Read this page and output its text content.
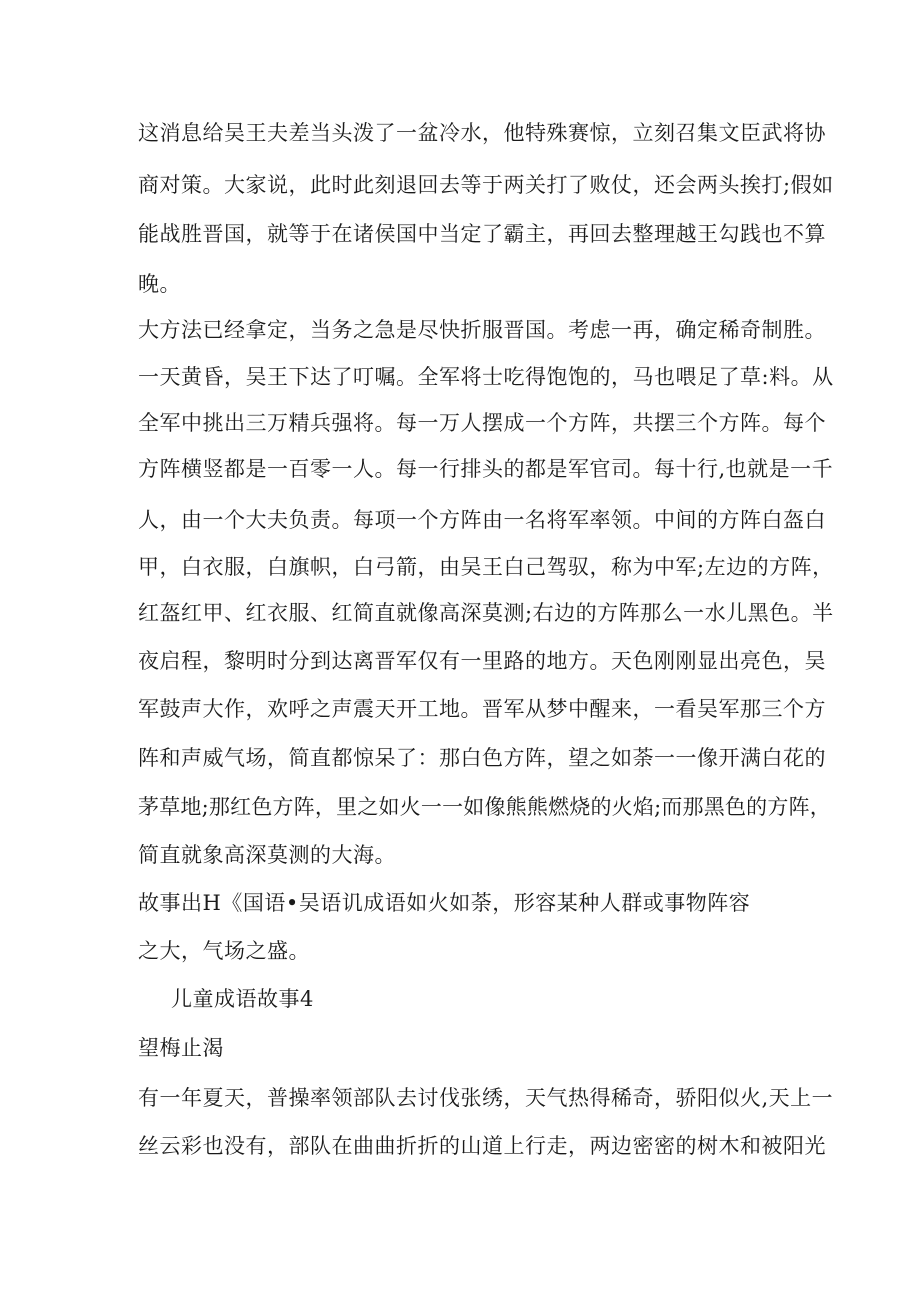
这消息给吴王夫差当头泼了一盆冷水，他特殊赛惊，立刻召集文臣武将协
商对策。大家说，此时此刻退回去等于两关打了败仗，还会两头挨打;假如
能战胜晋国，就等于在诸侯国中当定了霸主，再回去整理越王勾践也不算
晚。
大方法已经拿定，当务之急是尽快折服晋国。考虑一再，确定稀奇制胜。
一天黄昏，吴王下达了叮嘱。全军将士吃得饱饱的，马也喂足了草:料。从
全军中挑出三万精兵强将。每一万人摆成一个方阵，共摆三个方阵。每个
方阵横竖都是一百零一人。每一行排头的都是军官司。每十行,也就是一千
人，由一个大夫负责。每项一个方阵由一名将军率领。中间的方阵白盔白
甲，白衣服，白旗帜，白弓箭，由吴王白己驾驭，称为中军;左边的方阵，
红盔红甲、红衣服、红简直就像高深莫测;右边的方阵那么一水儿黑色。半
夜启程，黎明时分到达离晋军仅有一里路的地方。天色刚刚显出亮色，吴
军鼓声大作，欢呼之声震天开工地。晋军从梦中醒来，一看吴军那三个方
阵和声威气场，简直都惊呆了：那白色方阵，望之如荼一一像开满白花的
茅草地;那红色方阵，里之如火一一如像熊熊燃烧的火焰;而那黑色的方阵，
简直就象高深莫测的大海。
故事出H《国语•吴语讥成语如火如荼，形容某种人群或事物阵容
之大，气场之盛。
儿童成语故事4
望梅止渴
有一年夏天，普操率领部队去讨伐张绣，天气热得稀奇，骄阳似火,天上一
丝云彩也没有，部队在曲曲折折的山道上行走，两边密密的树木和被阳光
